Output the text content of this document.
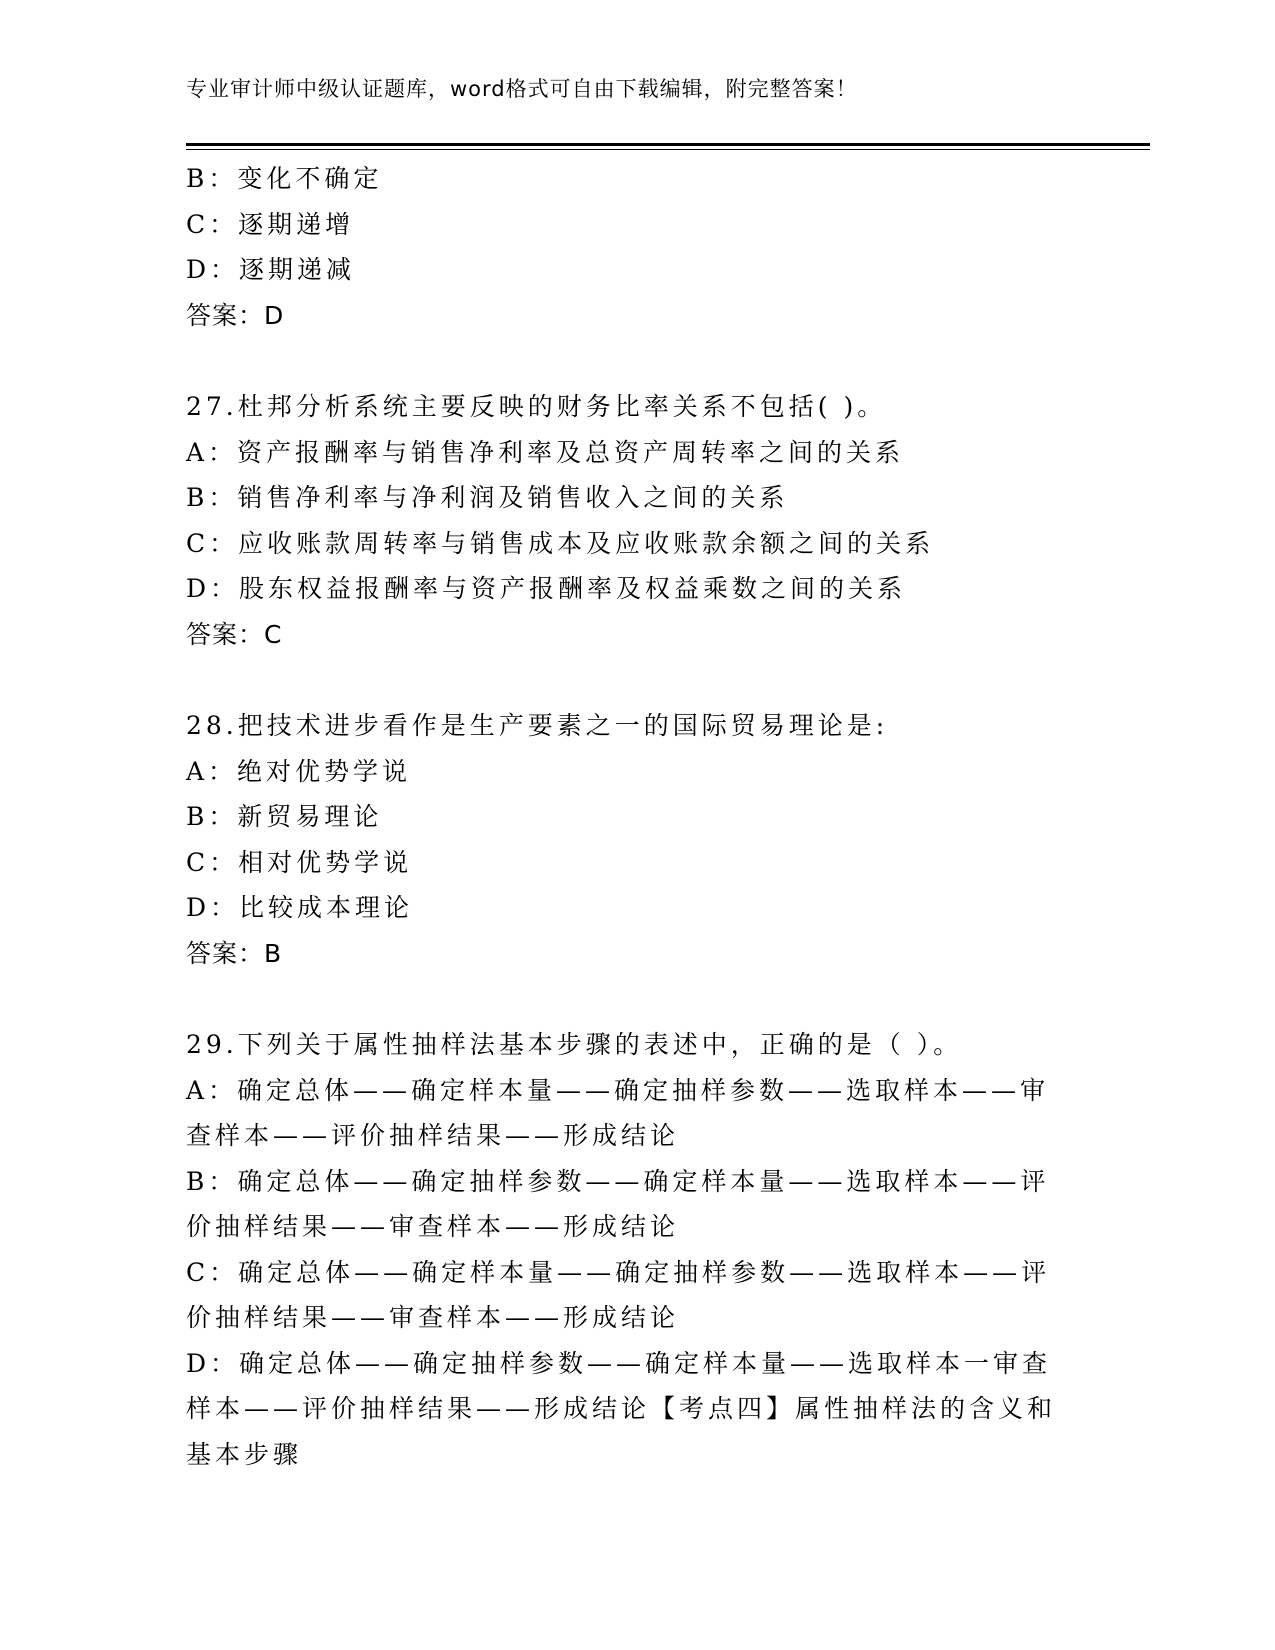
专业审计师中级认证题库，word格式可自由下载编辑，附完整答案！
B：变化不确定
C：逐期递增
D：逐期递减
答案：D
27.杜邦分析系统主要反映的财务比率关系不包括( )。
A：资产报酬率与销售净利率及总资产周转率之间的关系
B：销售净利率与净利润及销售收入之间的关系
C：应收账款周转率与销售成本及应收账款余额之间的关系
D：股东权益报酬率与资产报酬率及权益乘数之间的关系
答案：C
28.把技术进步看作是生产要素之一的国际贸易理论是:
A：绝对优势学说
B：新贸易理论
C：相对优势学说
D：比较成本理论
答案：B
29.下列关于属性抽样法基本步骤的表述中，正确的是（ ）。
A：确定总体——确定样本量——确定抽样参数——选取样本——审查样本——评价抽样结果——形成结论
B：确定总体——确定抽样参数——确定样本量——选取样本——评价抽样结果——审查样本——形成结论
C：确定总体——确定样本量——确定抽样参数——选取样本——评价抽样结果——审查样本——形成结论
D：确定总体——确定抽样参数——确定样本量——选取样本一审查样本——评价抽样结果——形成结论【考点四】属性抽样法的含义和基本步骤
